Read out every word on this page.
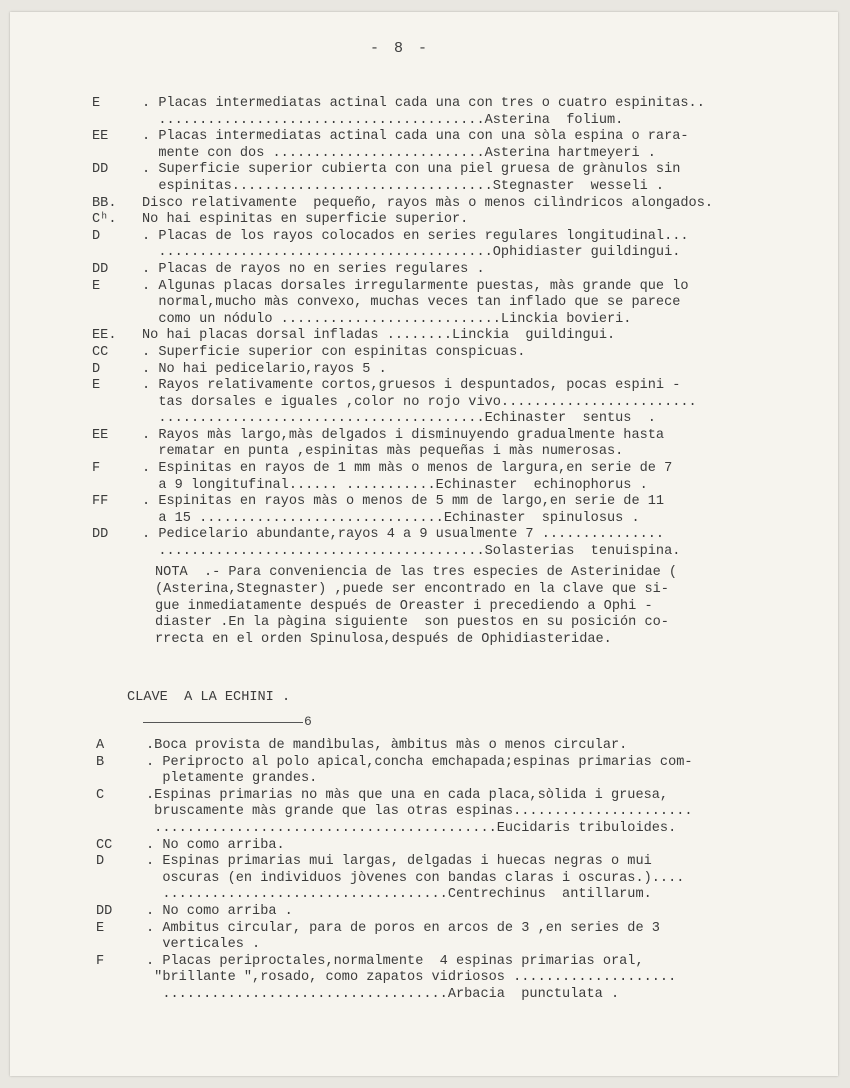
- 8 -
E	. Placas intermediatas actinal cada una con tres o cuatro espinitas..
........................................Asterina  folium.
EE	. Placas intermediatas actinal cada una con una sòla espina o rara-
mente con dos ..........................Asterina hartmeyeri .
DD	. Superficie superior cubierta con una piel gruesa de grànulos sin
espinitas................................Stegnaster  wesseli .
BB.	Disco relativamente  pequeño, rayos màs o menos cilìndricos alongados.
Cʰ.	No hai espinitas en superficie superior.
D	. Placas de los rayos colocados en series regulares longitudinal...
.........................................Ophidiaster guildingui.
DD	. Placas de rayos no en series regulares .
E	. Algunas placas dorsales irregularmente puestas, màs grande que lo
normal,mucho màs convexo, muchas veces tan inflado que se parece
como un nódulo ...........................Linckia bovieri.
EE.	No hai placas dorsal infladas ........Linckia  guildingui.
CC	. Superficie superior con espinitas conspicuas.
D	. No hai pedicelario,rayos 5 .
E	. Rayos relativamente cortos,gruesos i despuntados, pocas espini -
tas dorsales e iguales ,color no rojo vivo........................
........................................Echinaster  sentus  .
EE	. Rayos màs largo,màs delgados i disminuyendo gradualmente hasta
rematar en punta ,espinitas màs pequeñas i màs numerosas.
F	. Espinitas en rayos de 1 mm màs o menos de largura,en serie de 7
a 9 longitufinal...... ...........Echinaster  echinophorus .
FF	. Espinitas en rayos màs o menos de 5 mm de largo,en serie de 11
a 15 ..............................Echinaster  spinulosus .
DD	. Pedicelario abundante,rayos 4 a 9 usualmente 7 ...............
........................................Solasterias  tenuispina.
NOTA  .- Para conveniencia de las tres especies de Asterinidae (
(Asterina,Stegnaster) ,puede ser encontrado en la clave que si-
gue inmediatamente después de Oreaster i precediendo a Ophi -
diaster .En la pàgina siguiente  son puestos en su posición co-
rrecta en el orden Spinulosa,después de Ophidiasteridae.
CLAVE  A LA ECHINI .
6
A	.Boca provista de mandìbulas, àmbitus màs o menos circular.
B	. Periprocto al polo apical,concha emchapada;espinas primarias com-
pletamente grandes.
C	.Espinas primarias no màs que una en cada placa,sòlida i gruesa,
bruscamente màs grande que las otras espinas......................
..........................................Eucidaris tribuloides.
CC	. No como arriba.
D	. Espinas primarias mui largas, delgadas i huecas negras o mui
oscuras (en individuos jòvenes con bandas claras i oscuras.)....
...................................Centrechinus  antillarum.
DD	. No como arriba .
E	. Ambitus circular, para de poros en arcos de 3 ,en series de 3
verticales .
F	. Placas periproctales,normalmente  4 espinas primarias oral,
"brillante ",rosado, como zapatos vidriosos ....................
...................................Arbacia  punctulata .
